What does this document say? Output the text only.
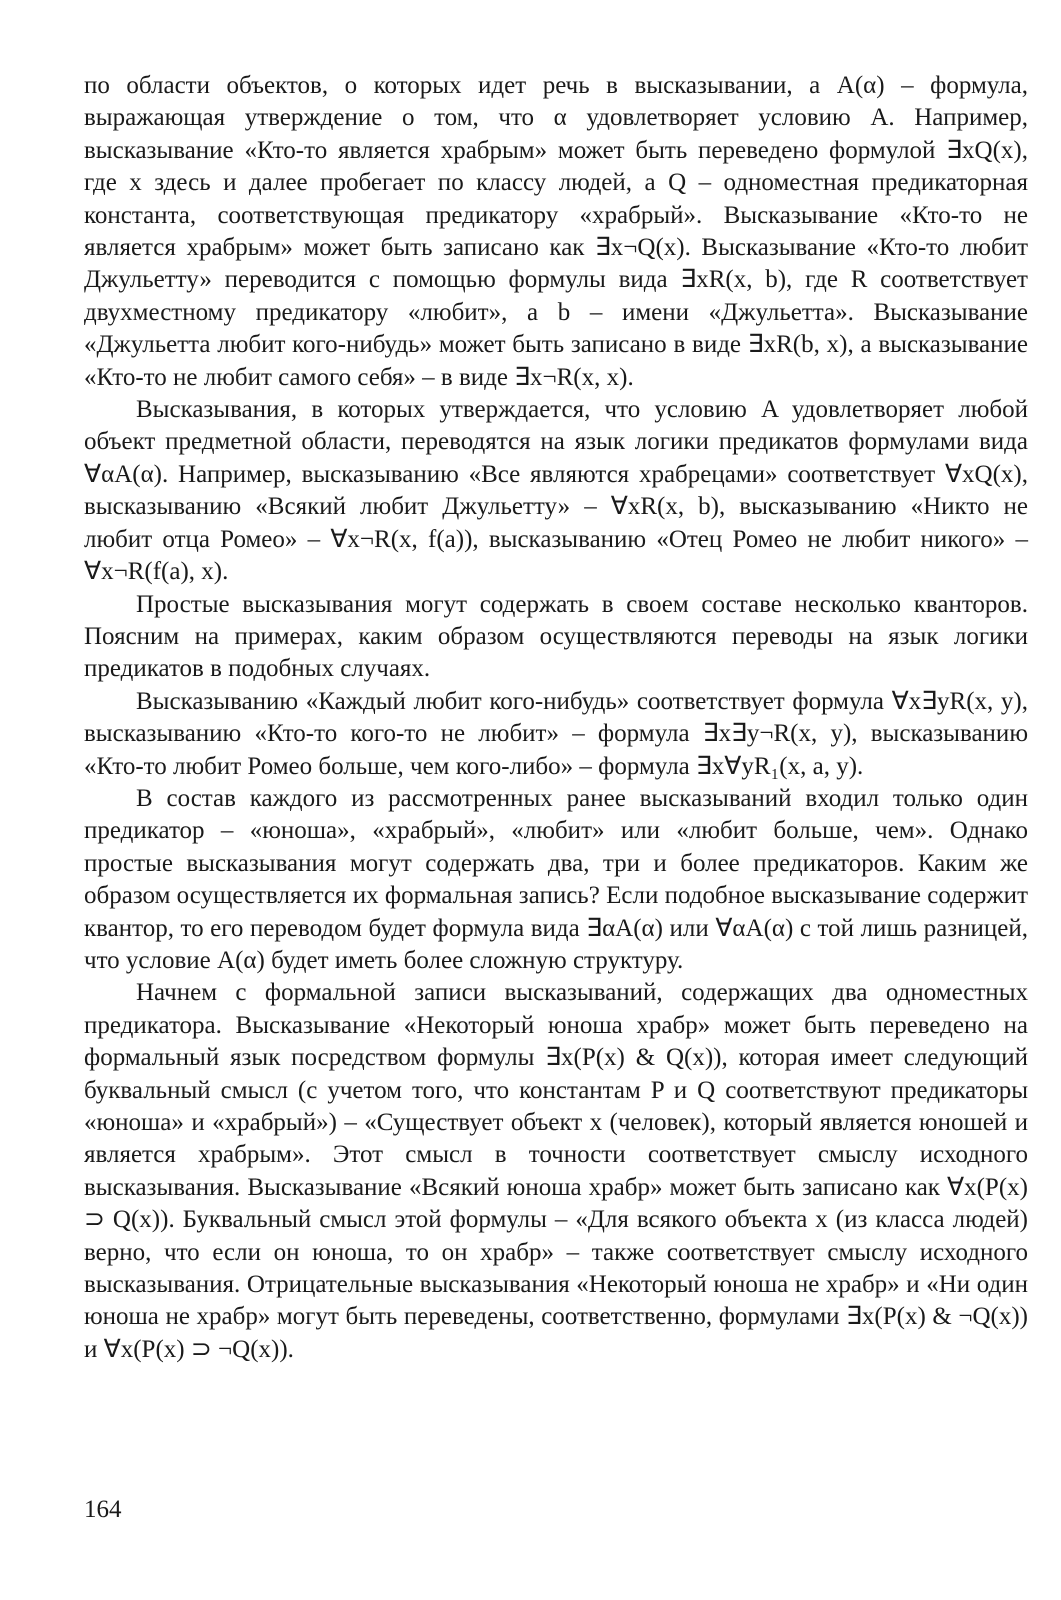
по области объектов, о которых идет речь в высказывании, а A(α) – формула, выражающая утверждение о том, что α удовлетворяет условию A. Например, высказывание «Кто-то является храбрым» может быть переведено формулой ∃xQ(x), где x здесь и далее пробегает по классу людей, а Q – одноместная предикаторная константа, соответствующая предикатору «храбрый». Высказывание «Кто-то не является храбрым» может быть записано как ∃x¬Q(x). Высказывание «Кто-то любит Джульетту» переводится с помощью формулы вида ∃xR(x, b), где R соответствует двухместному предикатору «любит», а b – имени «Джульетта». Высказывание «Джульетта любит кого-нибудь» может быть записано в виде ∃xR(b, x), а высказывание «Кто-то не любит самого себя» – в виде ∃x¬R(x, x).

Высказывания, в которых утверждается, что условию A удовлетворяет любой объект предметной области, переводятся на язык логики предикатов формулами вида ∀αA(α). Например, высказыванию «Все являются храбрецами» соответствует ∀xQ(x), высказыванию «Всякий любит Джульетту» – ∀xR(x, b), высказыванию «Никто не любит отца Ромео» – ∀x¬R(x, f(a)), высказыванию «Отец Ромео не любит никого» – ∀x¬R(f(a), x).

Простые высказывания могут содержать в своем составе несколько кванторов. Поясним на примерах, каким образом осуществляются переводы на язык логики предикатов в подобных случаях.

Высказыванию «Каждый любит кого-нибудь» соответствует формула ∀x∃yR(x, y), высказыванию «Кто-то кого-то не любит» – формула ∃x∃y¬R(x, y), высказыванию «Кто-то любит Ромео больше, чем кого-либо» – формула ∃x∀yR₁(x, a, y).

В состав каждого из рассмотренных ранее высказываний входил только один предикатор – «юноша», «храбрый», «любит» или «любит больше, чем». Однако простые высказывания могут содержать два, три и более предикаторов. Каким же образом осуществляется их формальная запись? Если подобное высказывание содержит квантор, то его переводом будет формула вида ∃αA(α) или ∀αA(α) с той лишь разницей, что условие A(α) будет иметь более сложную структуру.

Начнем с формальной записи высказываний, содержащих два одноместных предикатора. Высказывание «Некоторый юноша храбр» может быть переведено на формальный язык посредством формулы ∃x(P(x) & Q(x)), которая имеет следующий буквальный смысл (с учетом того, что константам P и Q соответствуют предикаторы «юноша» и «храбрый») – «Существует объект x (человек), который является юношей и является храбрым». Этот смысл в точности соответствует смыслу исходного высказывания. Высказывание «Всякий юноша храбр» может быть записано как ∀x(P(x) ⊃ Q(x)). Буквальный смысл этой формулы – «Для всякого объекта x (из класса людей) верно, что если он юноша, то он храбр» – также соответствует смыслу исходного высказывания. Отрицательные высказывания «Некоторый юноша не храбр» и «Ни один юноша не храбр» могут быть переведены, соответственно, формулами ∃x(P(x) & ¬Q(x)) и ∀x(P(x) ⊃ ¬Q(x)).

164
